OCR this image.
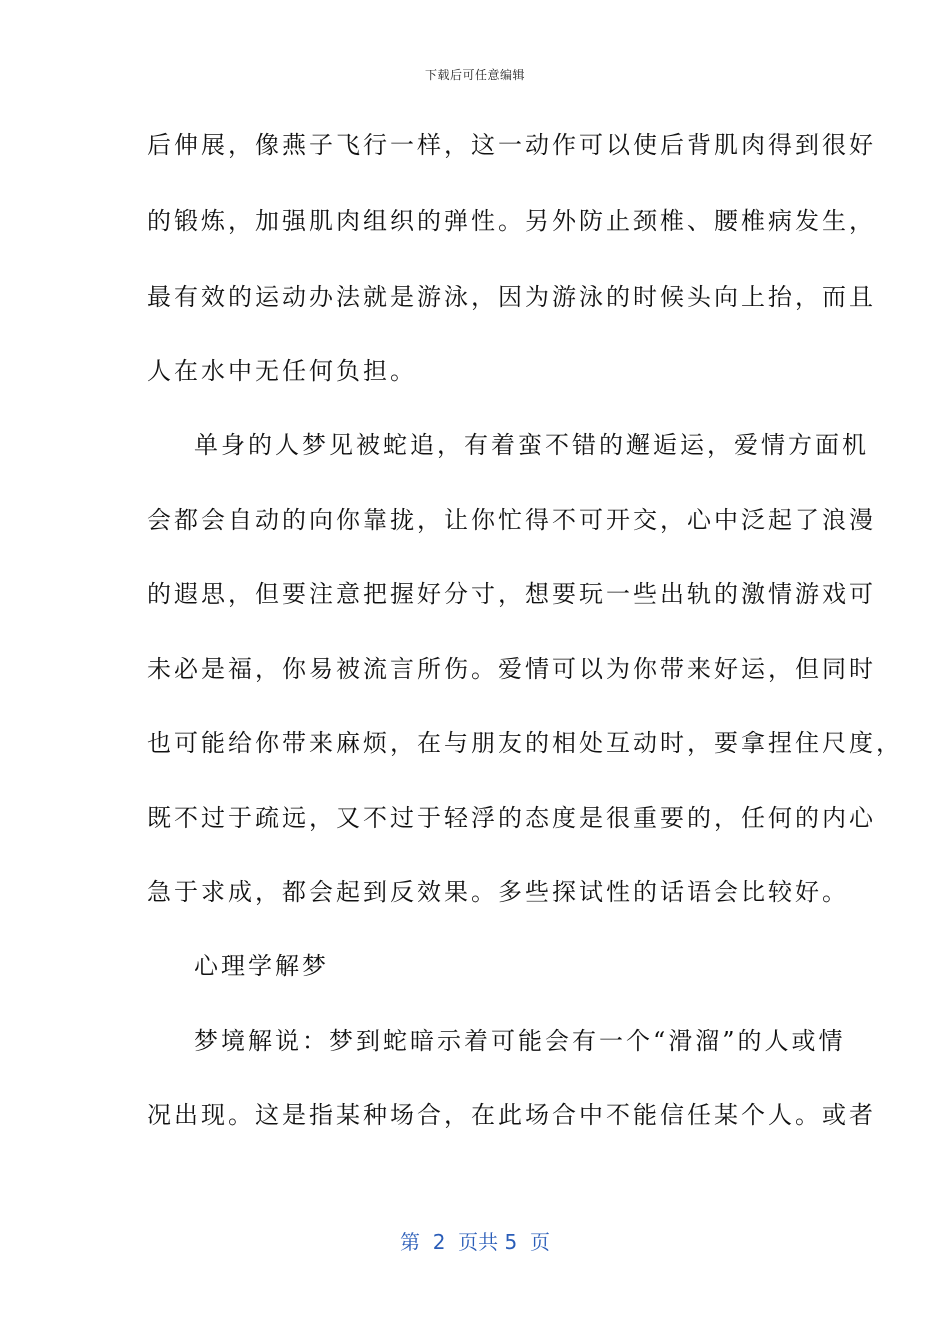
下载后可任意编辑
后伸展，像燕子飞行一样，这一动作可以使后背肌肉得到很好
的锻炼，加强肌肉组织的弹性。另外防止颈椎、腰椎病发生，
最有效的运动办法就是游泳，因为游泳的时候头向上抬，而且
人在水中无任何负担。
单身的人梦见被蛇追，有着蛮不错的邂逅运，爱情方面机
会都会自动的向你靠拢，让你忙得不可开交，心中泛起了浪漫
的遐思，但要注意把握好分寸，想要玩一些出轨的激情游戏可
未必是福，你易被流言所伤。爱情可以为你带来好运，但同时
也可能给你带来麻烦，在与朋友的相处互动时，要拿捏住尺度，
既不过于疏远，又不过于轻浮的态度是很重要的，任何的内心
急于求成，都会起到反效果。多些探试性的话语会比较好。
心理学解梦
梦境解说：梦到蛇暗示着可能会有一个“滑溜”的人或情
况出现。这是指某种场合，在此场合中不能信任某个人。或者
第  2  页共 5  页
